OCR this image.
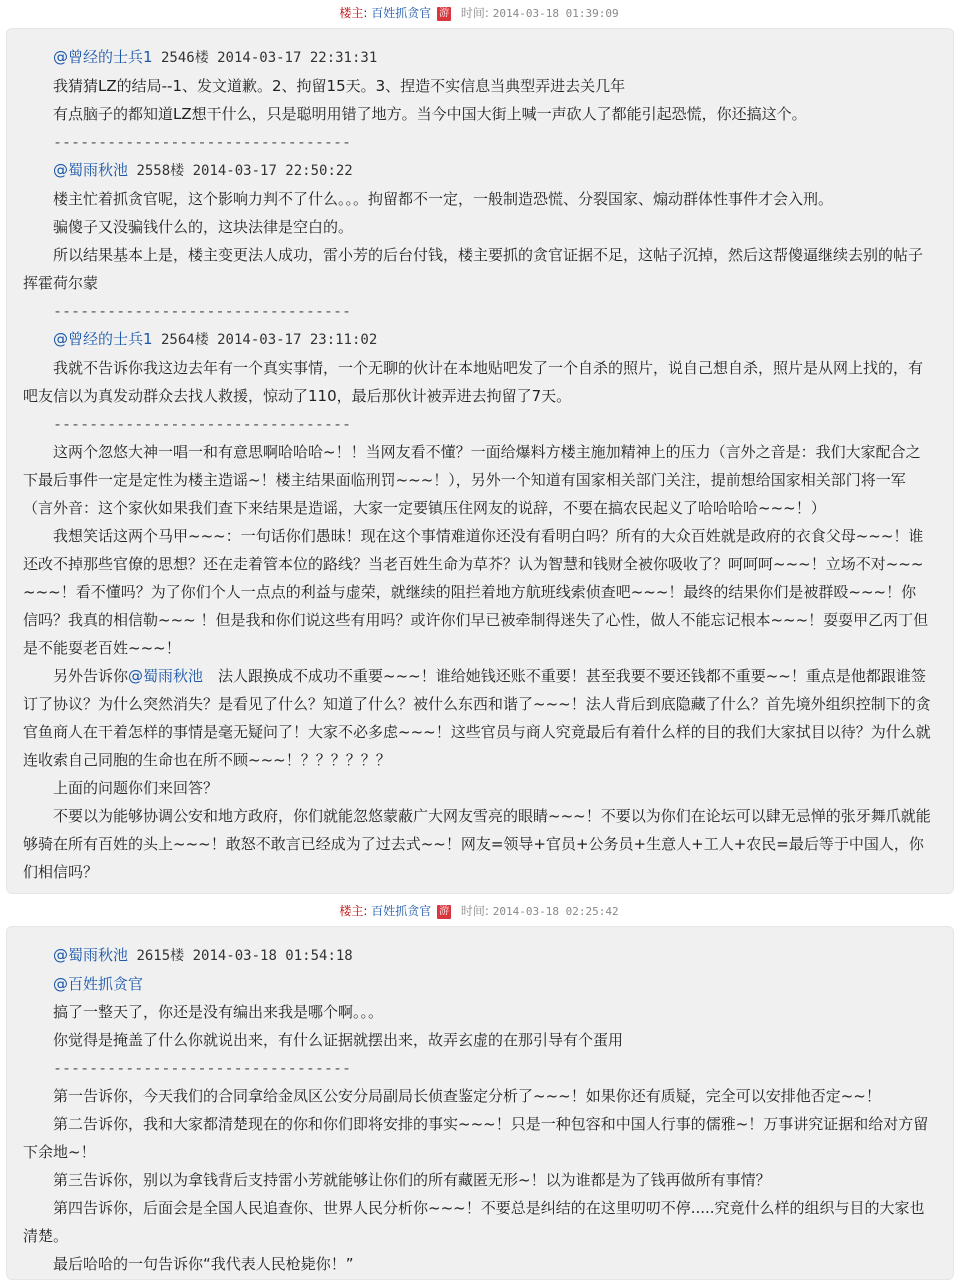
楼主: 百姓抓贪官 游 时间: 2014-03-18 01:39:09

@曾经的士兵1 2546楼 2014-03-17 22:31:31

我猜猜LZ的结局--1、发文道歉。2、拘留15天。3、捏造不实信息当典型弄进去关几年

有点脑子的都知道LZ想干什么，只是聪明用错了地方。当今中国大街上喊一声砍人了都能引起恐慌，你还搞这个。

---------------------------------

@蜀雨秋池 2558楼 2014-03-17 22:50:22

楼主忙着抓贪官呢，这个影响力判不了什么。。。拘留都不一定，一般制造恐慌、分裂国家、煽动群体性事件才会入刑。

骗傻子又没骗钱什么的，这块法律是空白的。

所以结果基本上是，楼主变更法人成功，雷小芳的后台付钱，楼主要抓的贪官证据不足，这帖子沉掉，然后这帮傻逼继续去别的帖子挥霍荷尔蒙

---------------------------------

@曾经的士兵1 2564楼 2014-03-17 23:11:02

我就不告诉你我这边去年有一个真实事情，一个无聊的伙计在本地贴吧发了一个自杀的照片，说自己想自杀，照片是从网上找的，有吧友信以为真发动群众去找人救援，惊动了110，最后那伙计被弄进去拘留了7天。

---------------------------------

这两个忽悠大神一唱一和有意思啊哈哈哈~！！当网友看不懂？一面给爆料方楼主施加精神上的压力（言外之音是：我们大家配合之下最后事件一定是定性为楼主造谣~！楼主结果面临刑罚~~~！），另外一个知道有国家相关部门关注，提前想给国家相关部门将一军（言外音：这个家伙如果我们查下来结果是造谣，大家一定要镇压住网友的说辞，不要在搞农民起义了哈哈哈哈~~~！）

我想笑话这两个马甲~~~：一句话你们愚昧！现在这个事情难道你还没有看明白吗？所有的大众百姓就是政府的衣食父母~~~！谁还改不掉那些官僚的思想？还在走着管本位的路线？当老百姓生命为草芥？认为智慧和钱财全被你吸收了？呵呵呵~~~！立场不对~~~~~~！看不懂吗？为了你们个人一点点的利益与虚荣，就继续的阻拦着地方航班线索侦查吧~~~！最终的结果你们是被群殴~~~！你信吗？我真的相信勒~~~ ！但是我和你们说这些有用吗？或许你们早已被牵制得迷失了心性，做人不能忘记根本~~~！耍耍甲乙丙丁但是不能耍老百姓~~~！

另外告诉你@蜀雨秋池　法人跟换成不成功不重要~~~！谁给她钱还账不重要！甚至我要不要还钱都不重要~~！重点是他都跟谁签订了协议？为什么突然消失？是看见了什么？知道了什么？被什么东西和谐了~~~！法人背后到底隐藏了什么？首先境外组织控制下的贪官鱼商人在干着怎样的事情是毫无疑问了！大家不必多虑~~~！这些官员与商人究竟最后有着什么样的目的我们大家拭目以待？为什么就连收索自己同胞的生命也在所不顾~~~！？？？？？？

上面的问题你们来回答？

不要以为能够协调公安和地方政府，你们就能忽悠蒙蔽广大网友雪亮的眼睛~~~！不要以为你们在论坛可以肆无忌惮的张牙舞爪就能够骑在所有百姓的头上~~~！敢怒不敢言已经成为了过去式~~！网友=领导+官员+公务员+生意人+工人+农民=最后等于中国人，你们相信吗？

楼主: 百姓抓贪官 游 时间: 2014-03-18 02:25:42

@蜀雨秋池 2615楼 2014-03-18 01:54:18

@百姓抓贪官

搞了一整天了，你还是没有编出来我是哪个啊。。。

你觉得是掩盖了什么你就说出来，有什么证据就摆出来，故弄玄虚的在那引导有个蛋用

---------------------------------

第一告诉你，今天我们的合同拿给金凤区公安分局副局长侦查鉴定分析了~~~！如果你还有质疑，完全可以安排他否定~~！

第二告诉你，我和大家都清楚现在的你和你们即将安排的事实~~~！只是一种包容和中国人行事的儒雅~！万事讲究证据和给对方留下余地~！

第三告诉你，别以为拿钱背后支持雷小芳就能够让你们的所有藏匿无形~！以为谁都是为了钱再做所有事情？

第四告诉你，后面会是全国人民追查你、世界人民分析你~~~！不要总是纠结的在这里叨叨不停.....究竟什么样的组织与目的大家也清楚。

最后哈哈的一句告诉你“我代表人民枪毙你！”
